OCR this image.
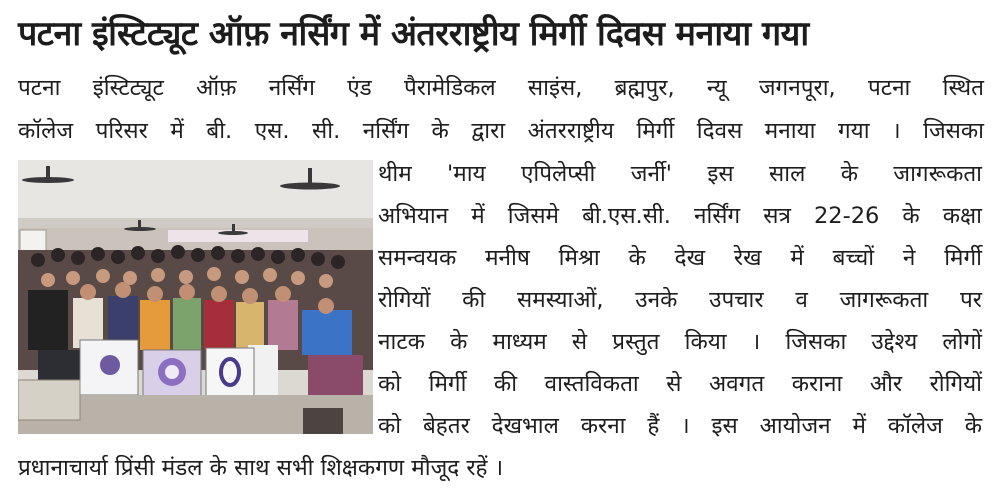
पटना इंस्टिट्यूट ऑफ़ नर्सिंग में अंतरराष्ट्रीय मिर्गी दिवस मनाया गया
पटना इंस्टिट्यूट ऑफ़ नर्सिंग एंड पैरामेडिकल साइंस, ब्रह्मपुर, न्यू जगनपूरा, पटना स्थित
कॉलेज परिसर में बी. एस. सी. नर्सिंग के द्वारा अंतरराष्ट्रीय मिर्गी दिवस मनाया गया । जिसका
थीम 'माय एपिलेप्सी जर्नी' इस साल के जागरूकता
अभियान में जिसमे बी.एस.सी. नर्सिंग सत्र 22-26 के कक्षा
समन्वयक मनीष मिश्रा के देख रेख में बच्चों ने मिर्गी
रोगियों की समस्याओं, उनके उपचार व जागरूकता पर
नाटक के माध्यम से प्रस्तुत किया । जिसका उद्देश्य लोगों
को मिर्गी की वास्तविकता से अवगत कराना और रोगियों
को बेहतर देखभाल करना हैं । इस आयोजन में कॉलेज के
प्रधानाचार्या प्रिंसी मंडल के साथ सभी शिक्षकगण मौजूद रहें ।
